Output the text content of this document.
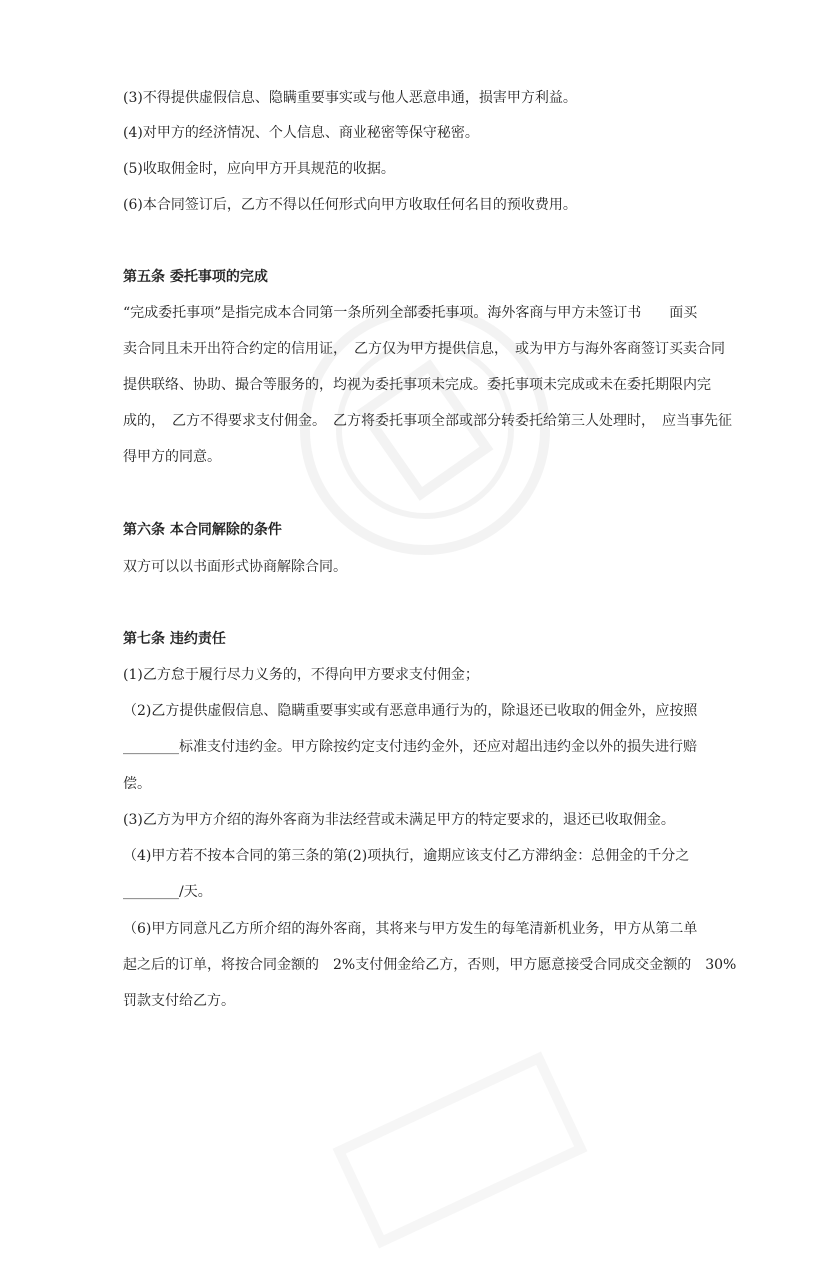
(3)不得提供虚假信息、隐瞒重要事实或与他人恶意串通，损害甲方利益。
(4)对甲方的经济情况、个人信息、商业秘密等保守秘密。
(5)收取佣金时，应向甲方开具规范的收据。
(6)本合同签订后，乙方不得以任何形式向甲方收取任何名目的预收费用。
第五条 委托事项的完成
“完成委托事项”是指完成本合同第一条所列全部委托事项。海外客商与甲方未签订书　　面买
卖合同且未开出符合约定的信用证，　乙方仅为甲方提供信息，　或为甲方与海外客商签订买卖合同
提供联络、协助、撮合等服务的，均视为委托事项未完成。委托事项未完成或未在委托期限内完
成的，　乙方不得要求支付佣金。　乙方将委托事项全部或部分转委托给第三人处理时，　应当事先征
得甲方的同意。
第六条 本合同解除的条件
双方可以以书面形式协商解除合同。
第七条 违约责任
(1)乙方怠于履行尽力义务的，不得向甲方要求支付佣金；
（2)乙方提供虚假信息、隐瞒重要事实或有恶意串通行为的，除退还已收取的佣金外，应按照
________标准支付违约金。甲方除按约定支付违约金外，还应对超出违约金以外的损失进行赔
偿。
(3)乙方为甲方介绍的海外客商为非法经营或未满足甲方的特定要求的，退还已收取佣金。
（4)甲方若不按本合同的第三条的第(2)项执行，逾期应该支付乙方滞纳金：总佣金的千分之
________/天。
（6)甲方同意凡乙方所介绍的海外客商，其将来与甲方发生的每笔清新机业务，甲方从第二单
起之后的订单，将按合同金额的　2%支付佣金给乙方，否则，甲方愿意接受合同成交金额的　30%
罚款支付给乙方。
